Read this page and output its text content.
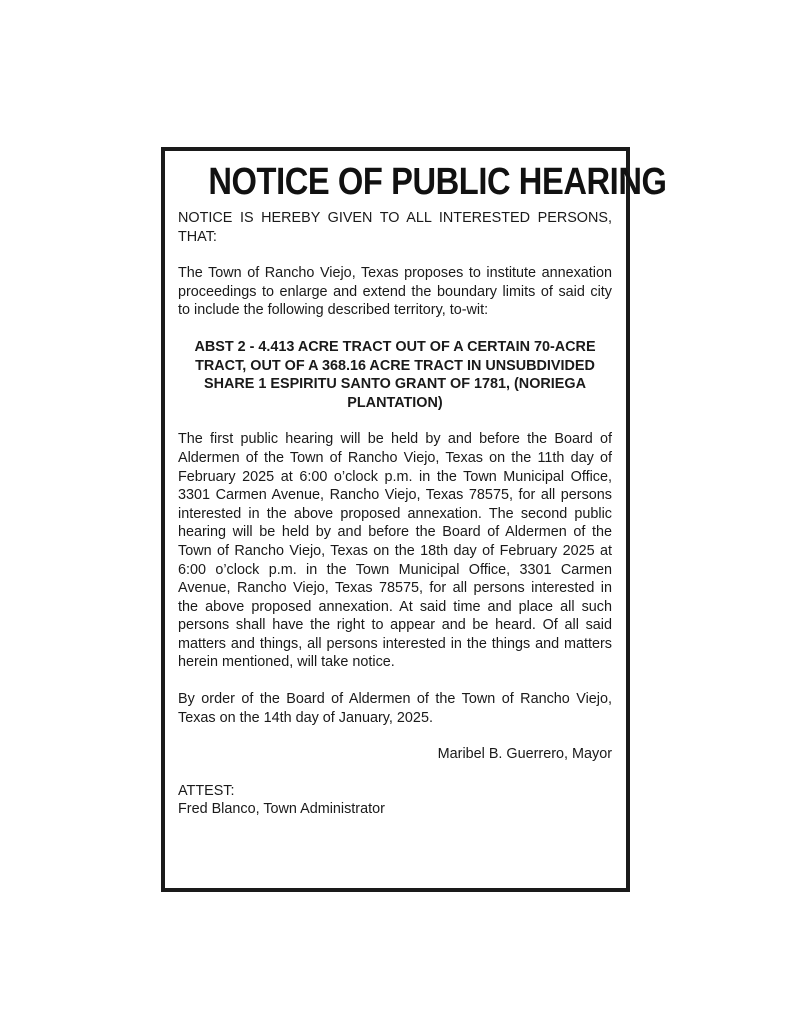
NOTICE OF PUBLIC HEARING

NOTICE IS HEREBY GIVEN TO ALL INTERESTED PERSONS, THAT:

The Town of Rancho Viejo, Texas proposes to institute annexation proceedings to enlarge and extend the boundary limits of said city to include the following described territory, to-wit:

ABST 2 - 4.413 ACRE TRACT OUT OF A CERTAIN 70-ACRE TRACT, OUT OF A 368.16 ACRE TRACT IN UNSUBDIVIDED SHARE 1 ESPIRITU SANTO GRANT OF 1781, (NORIEGA PLANTATION)

The first public hearing will be held by and before the Board of Aldermen of the Town of Rancho Viejo, Texas on the 11th day of February 2025 at 6:00 o’clock p.m. in the Town Municipal Office, 3301 Carmen Avenue, Rancho Viejo, Texas 78575, for all persons interested in the above proposed annexation. The second public hearing will be held by and before the Board of Aldermen of the Town of Rancho Viejo, Texas on the 18th day of February 2025 at 6:00 o’clock p.m. in the Town Municipal Office, 3301 Carmen Avenue, Rancho Viejo, Texas 78575, for all persons interested in the above proposed annexation. At said time and place all such persons shall have the right to appear and be heard. Of all said matters and things, all persons interested in the things and matters herein mentioned, will take notice.

By order of the Board of Aldermen of the Town of Rancho Viejo, Texas on the 14th day of January, 2025.

Maribel B. Guerrero, Mayor

ATTEST:

Fred Blanco, Town Administrator
